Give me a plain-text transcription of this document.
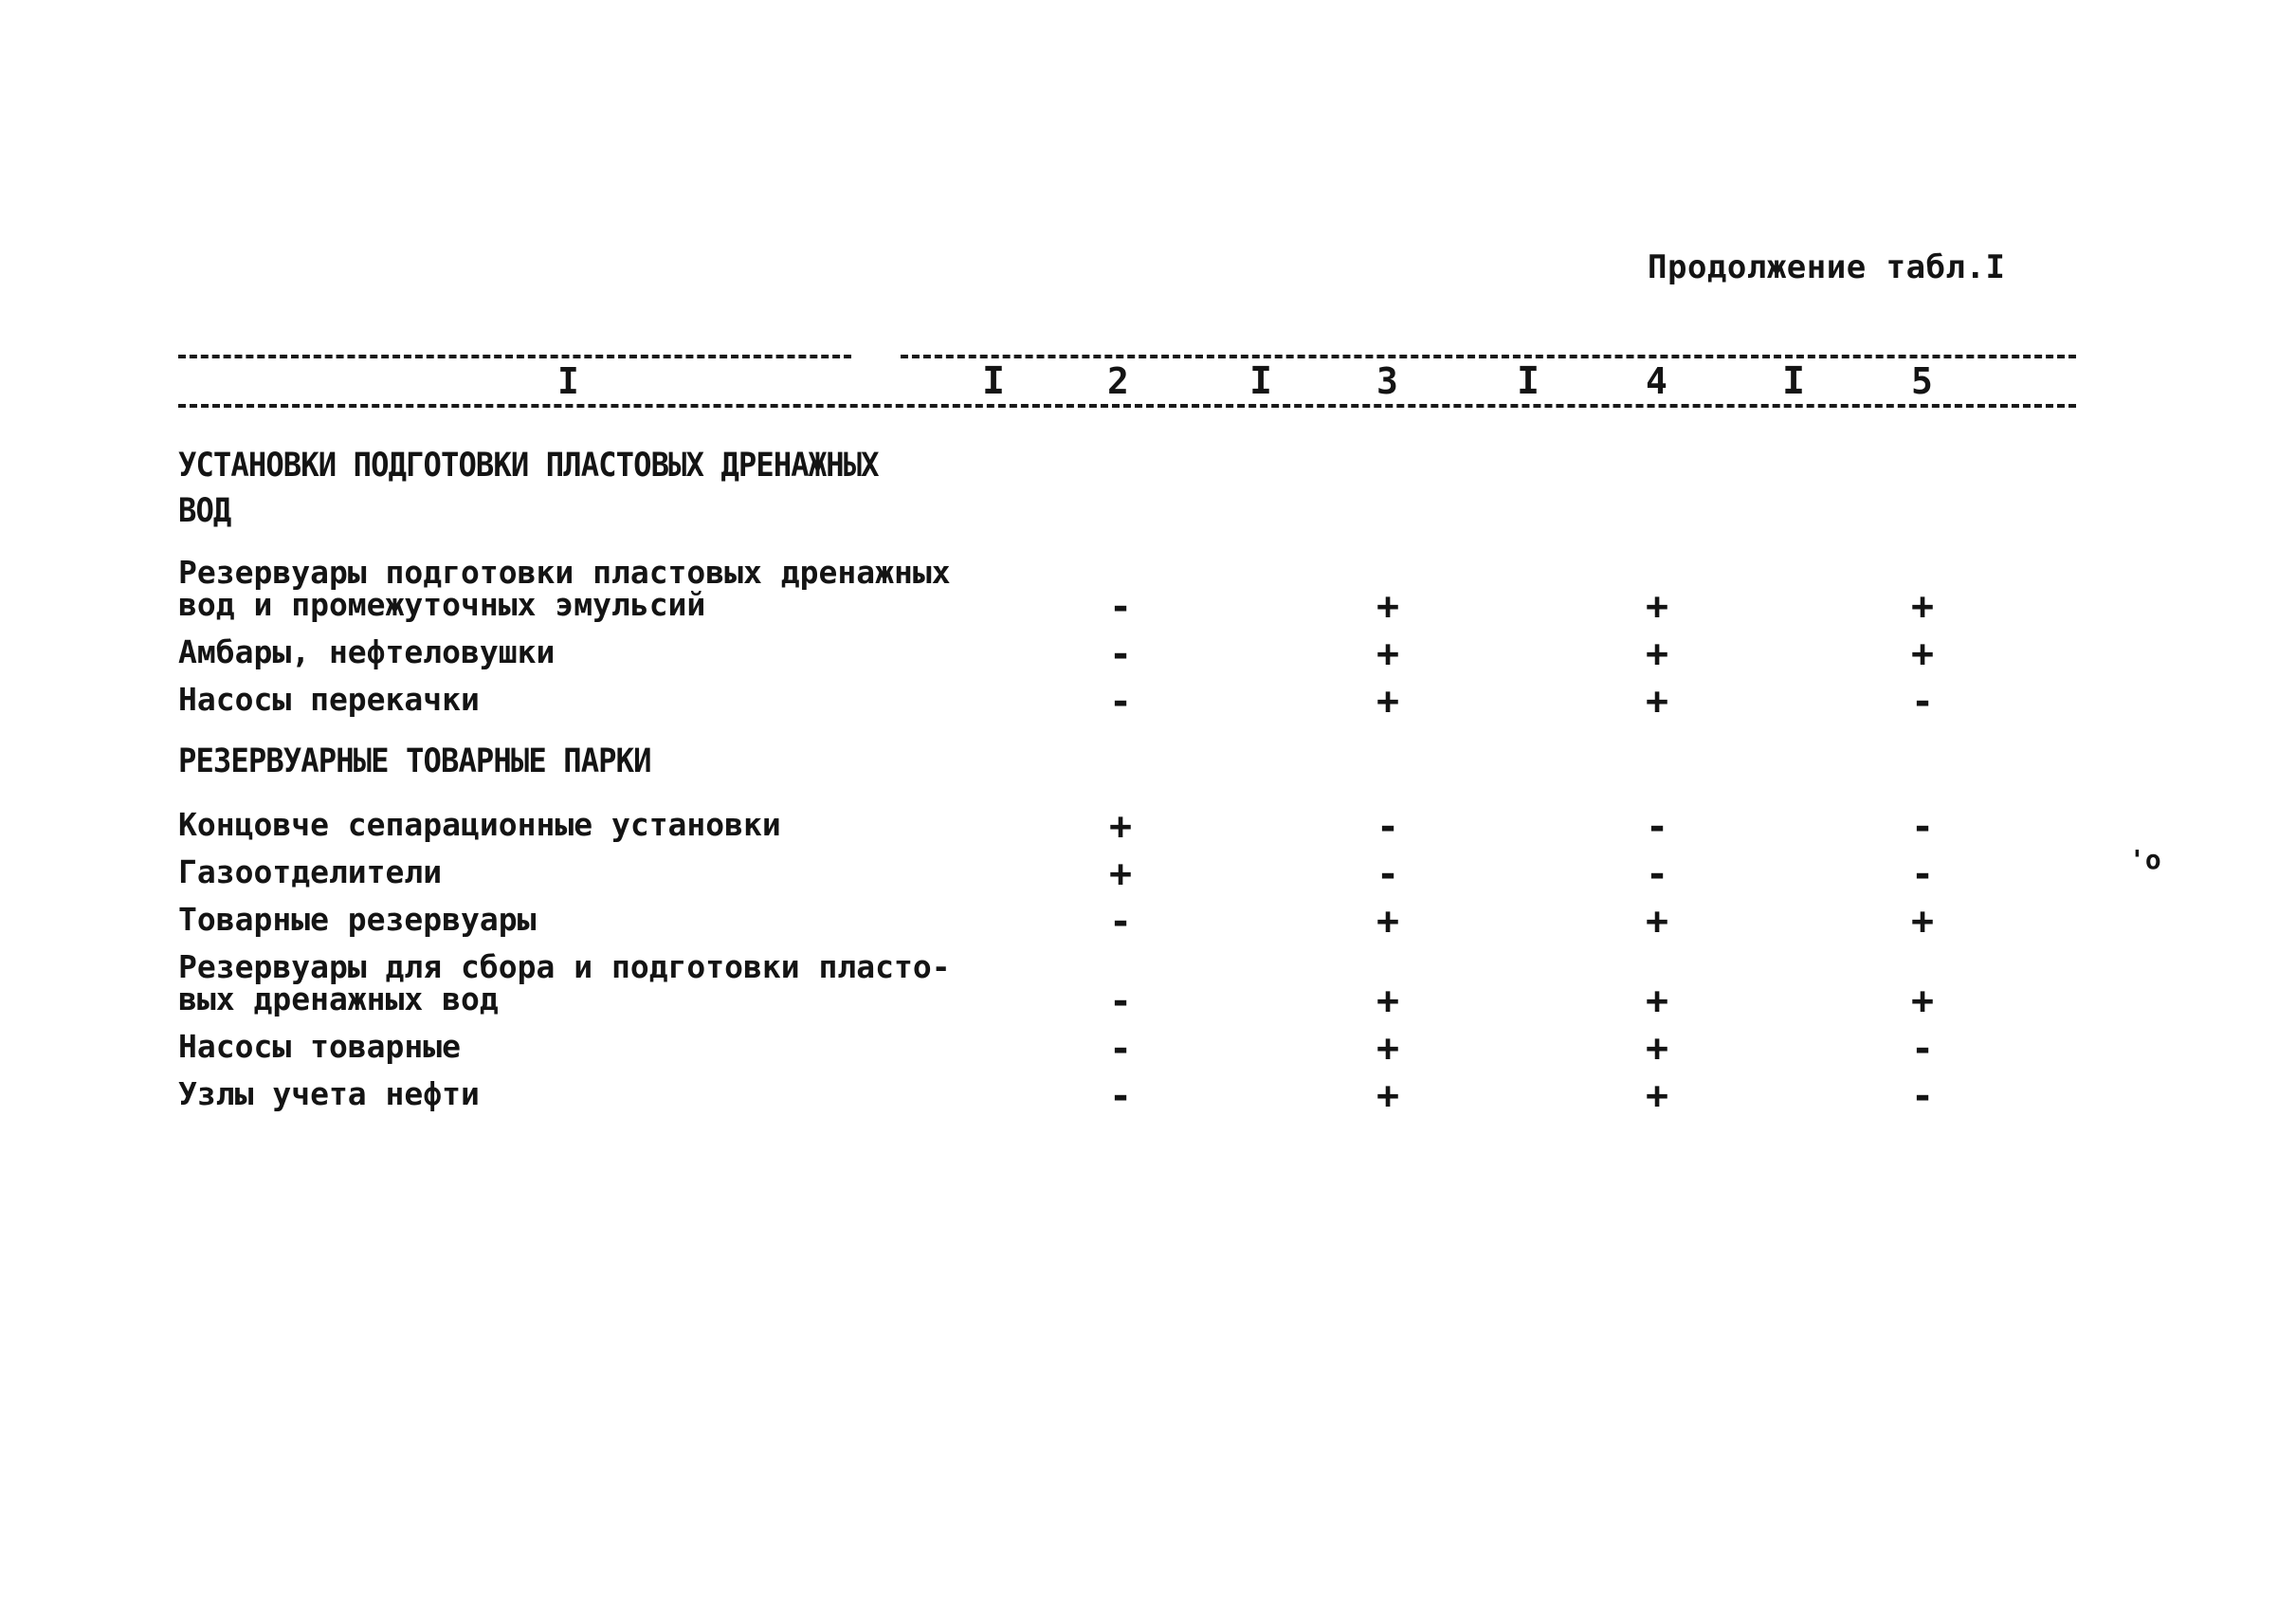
Продолжение табл.I
I	I	2	I	3	I	4	I	5
УСТАНОВКИ ПОДГОТОВКИ ПЛАСТОВЫХ ДРЕНАЖНЫХ
ВОД
Резервуары подготовки пластовых дренажных
вод и промежуточных эмульсий	-	+	+	+
Амбары, нефтеловушки	-	+	+	+
Насосы перекачки	-	+	+	-
РЕЗЕРВУАРНЫЕ ТОВАРНЫЕ ПАРКИ
Концовче сепарационные установки	+	-	-	-
Газоотделители	+	-	-	-
Товарные резервуары	-	+	+	+
Резервуары для сбора и подготовки пласто-
вых дренажных вод	-	+	+	+
Насосы товарные	-	+	+	-
Узлы учета нефти	-	+	+	-
'o
